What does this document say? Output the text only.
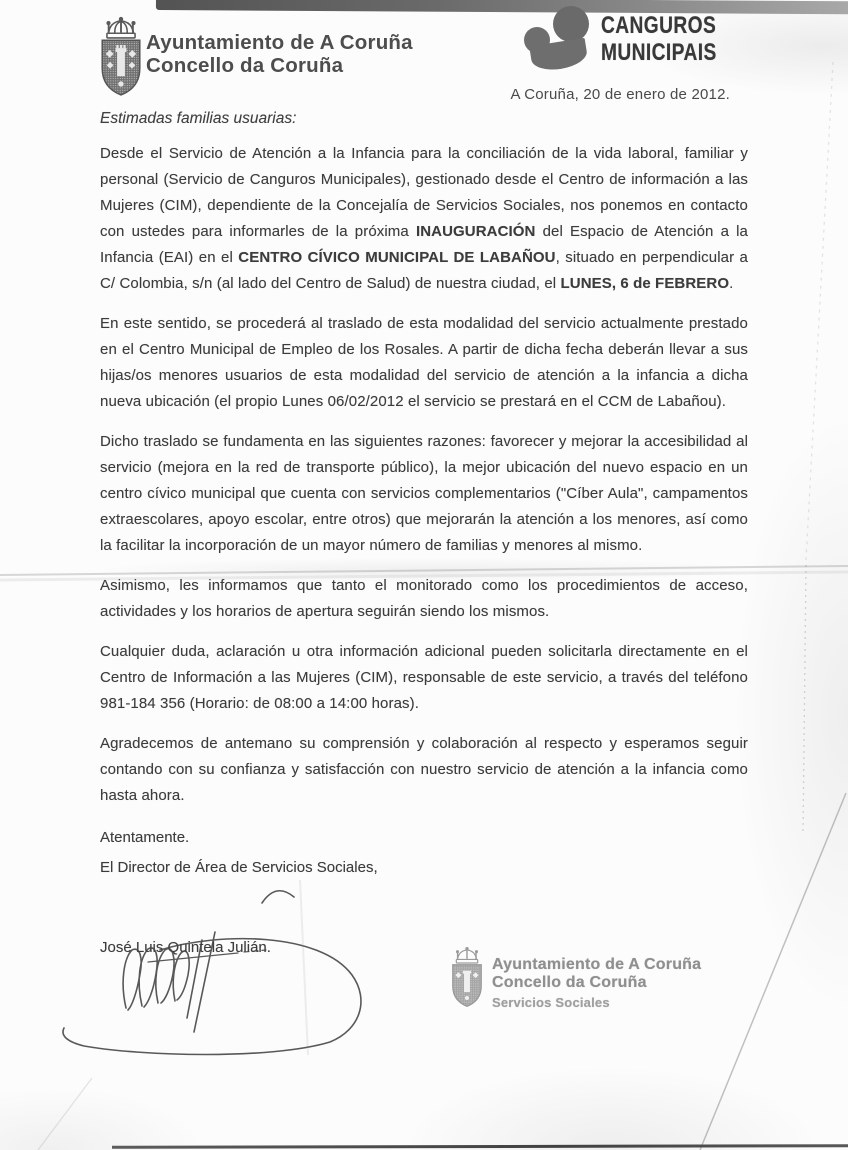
Ayuntamiento de A Coruña
Concello da Coruña
CANGUROS
MUNICIPAIS
A Coruña, 20 de enero de 2012.
Estimadas familias usuarias:

Desde el Servicio de Atención a la Infancia para la conciliación de la vida laboral, familiar y personal (Servicio de Canguros Municipales), gestionado desde el Centro de información a las Mujeres (CIM), dependiente de la Concejalía de Servicios Sociales, nos ponemos en contacto con ustedes para informarles de la próxima INAUGURACIÓN del Espacio de Atención a la Infancia (EAI) en el CENTRO CÍVICO MUNICIPAL DE LABAÑOU, situado en perpendicular a C/ Colombia, s/n (al lado del Centro de Salud) de nuestra ciudad, el LUNES, 6 de FEBRERO.

En este sentido, se procederá al traslado de esta modalidad del servicio actualmente prestado en el Centro Municipal de Empleo de los Rosales. A partir de dicha fecha deberán llevar a sus hijas/os menores usuarios de esta modalidad del servicio de atención a la infancia a dicha nueva ubicación (el propio Lunes 06/02/2012 el servicio se prestará en el CCM de Labañou).

Dicho traslado se fundamenta en las siguientes razones: favorecer y mejorar la accesibilidad al servicio (mejora en la red de transporte público), la mejor ubicación del nuevo espacio en un centro cívico municipal que cuenta con servicios complementarios ("Cíber Aula", campamentos extraescolares, apoyo escolar, entre otros) que mejorarán la atención a los menores, así como la facilitar la incorporación de un mayor número de familias y menores al mismo.

Asimismo, les informamos que tanto el monitorado como los procedimientos de acceso, actividades y los horarios de apertura seguirán siendo los mismos.

Cualquier duda, aclaración u otra información adicional pueden solicitarla directamente en el Centro de Información a las Mujeres (CIM), responsable de este servicio, a través del teléfono 981-184 356 (Horario: de 08:00 a 14:00 horas).

Agradecemos de antemano su comprensión y colaboración al respecto y esperamos seguir contando con su confianza y satisfacción con nuestro servicio de atención a la infancia como hasta ahora.

Atentamente.
El Director de Área de Servicios Sociales,
José Luis Quintela Julián.
Ayuntamiento de A Coruña
Concello da Coruña
Servicios Sociales
